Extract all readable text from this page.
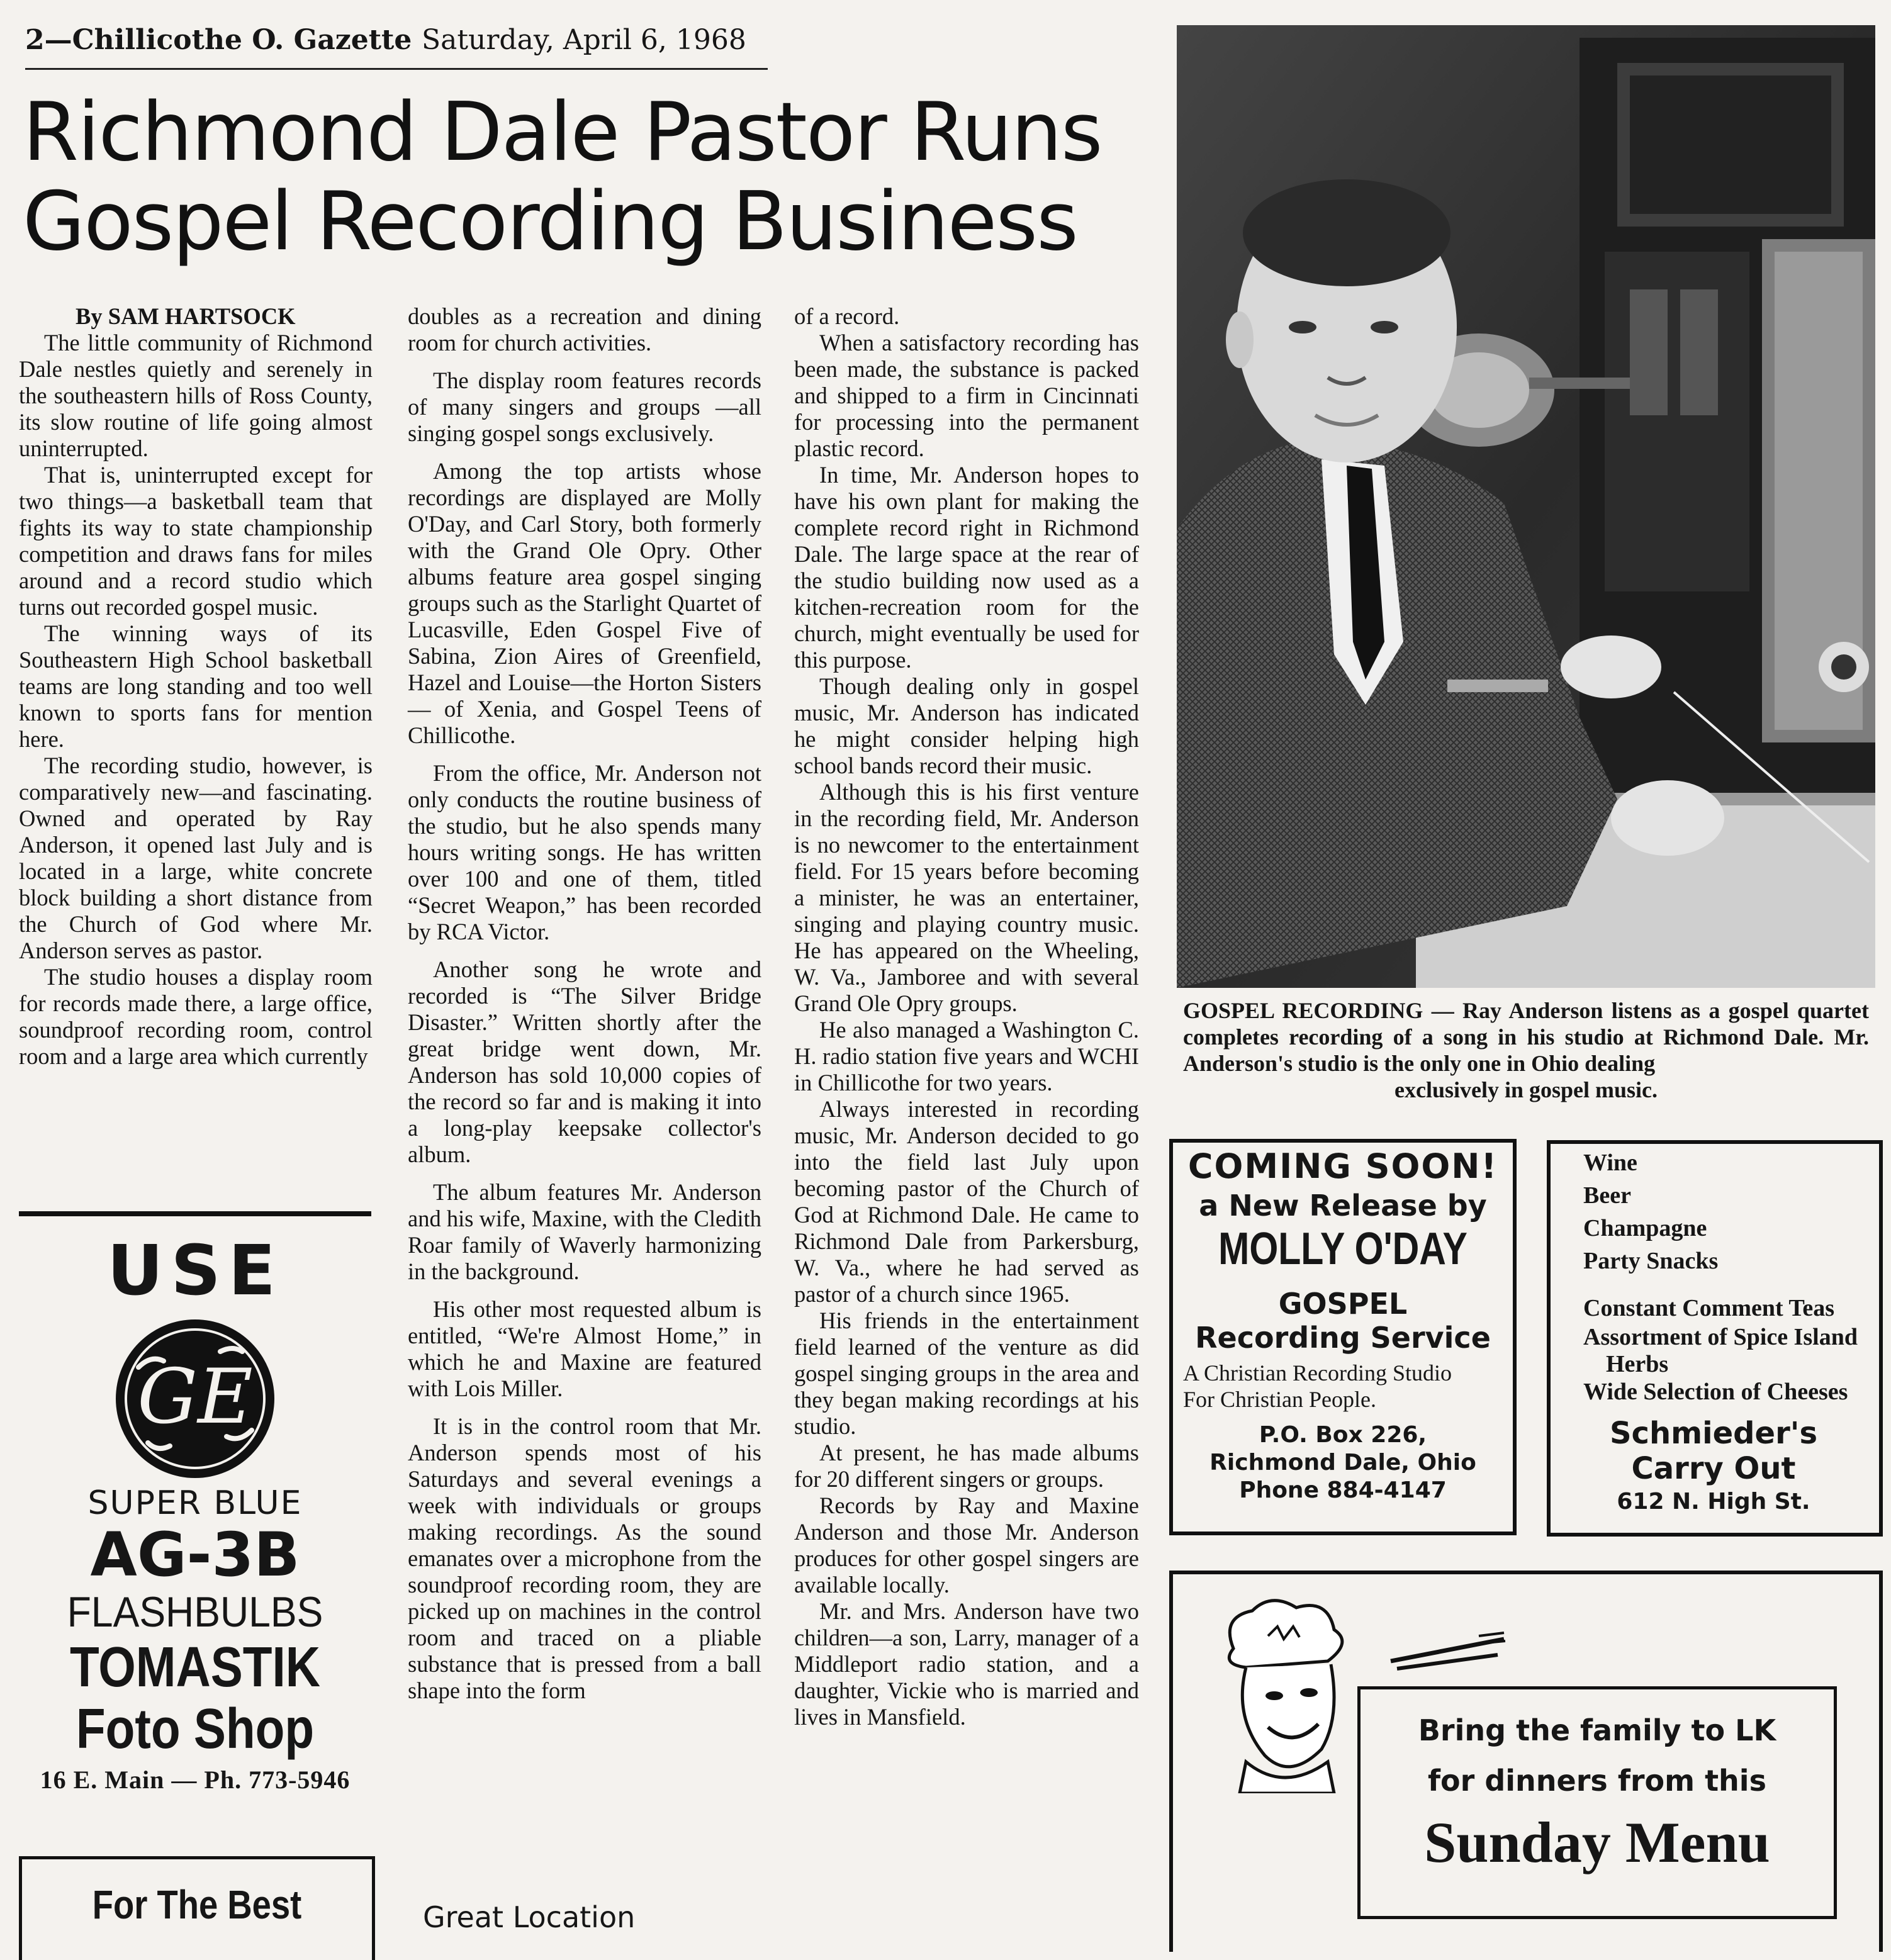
2—Chillicothe O. Gazette Saturday, April 6, 1968
Richmond Dale Pastor Runs
Gospel Recording Business

By SAM HARTSOCK

The little community of Richmond Dale nestles quietly and serenely in the southeastern hills of Ross County, its slow routine of life going almost uninterrupted.

That is, uninterrupted except for two things—a basketball team that fights its way to state championship competition and draws fans for miles around and a record studio which turns out recorded gospel music.

The winning ways of its Southeastern High School basketball teams are long standing and too well known to sports fans for mention here.

The recording studio, however, is comparatively new—and fascinating. Owned and operated by Ray Anderson, it opened last July and is located in a large, white concrete block building a short distance from the Church of God where Mr. Anderson serves as pastor.

The studio houses a display room for records made there, a large office, soundproof recording room, control room and a large area which currently

doubles as a recreation and dining room for church activities.

The display room features records of many singers and groups —all singing gospel songs exclusively.

Among the top artists whose recordings are displayed are Molly O'Day, and Carl Story, both formerly with the Grand Ole Opry. Other albums feature area gospel singing groups such as the Starlight Quartet of Lucasville, Eden Gospel Five of Sabina, Zion Aires of Greenfield, Hazel and Louise—the Horton Sisters — of Xenia, and Gospel Teens of Chillicothe.

From the office, Mr. Anderson not only conducts the routine business of the studio, but he also spends many hours writing songs. He has written over 100 and one of them, titled “Secret Weapon,” has been recorded by RCA Victor.

Another song he wrote and recorded is “The Silver Bridge Disaster.” Written shortly after the great bridge went down, Mr. Anderson has sold 10,000 copies of the record so far and is making it into a long-play keepsake collector's album.

The album features Mr. Anderson and his wife, Maxine, with the Cledith Roar family of Waverly harmonizing in the background.

His other most requested album is entitled, “We're Almost Home,” in which he and Maxine are featured with Lois Miller.

It is in the control room that Mr. Anderson spends most of his Saturdays and several evenings a week with individuals or groups making recordings. As the sound emanates over a microphone from the soundproof recording room, they are picked up on machines in the control room and traced on a pliable substance that is pressed from a ball shape into the form

Great Location

of a record.

When a satisfactory recording has been made, the substance is packed and shipped to a firm in Cincinnati for processing into the permanent plastic record.

In time, Mr. Anderson hopes to have his own plant for making the complete record right in Richmond Dale. The large space at the rear of the studio building now used as a kitchen-recreation room for the church, might eventually be used for this purpose.

Though dealing only in gospel music, Mr. Anderson has indicated he might consider helping high school bands record their music.

Although this is his first venture in the recording field, Mr. Anderson is no newcomer to the entertainment field. For 15 years before becoming a minister, he was an entertainer, singing and playing country music. He has appeared on the Wheeling, W. Va., Jamboree and with several Grand Ole Opry groups.

He also managed a Washington C. H. radio station five years and WCHI in Chillicothe for two years.

Always interested in recording music, Mr. Anderson decided to go into the field last July upon becoming pastor of the Church of God at Richmond Dale. He came to Richmond Dale from Parkersburg, W. Va., where he had served as pastor of a church since 1965.

His friends in the entertainment field learned of the venture as did gospel singing groups in the area and they began making recordings at his studio.

At present, he has made albums for 20 different singers or groups.

Records by Ray and Maxine Anderson and those Mr. Anderson produces for other gospel singers are available locally.

Mr. and Mrs. Anderson have two children—a son, Larry, manager of a Middleport radio station, and a daughter, Vickie who is married and lives in Mansfield.

GOSPEL RECORDING — Ray Anderson listens as a gospel quartet completes recording of a song in his studio at Richmond Dale. Mr. Anderson's studio is the only one in Ohio dealing
exclusively in gospel music.
USE
GE
SUPER BLUE
AG-3B
FLASHBULBS
TOMASTIK
Foto Shop
16 E. Main — Ph. 773-5946
For The Best
COMING SOON!
a New Release by
MOLLY O'DAY
GOSPEL
Recording Service
A Christian Recording Studio
For Christian People.
P.O. Box 226,
Richmond Dale, Ohio
Phone 884-4147
Wine
Beer
Champagne
Party Snacks
Constant Comment Teas
Assortment of Spice Island
Herbs
Wide Selection of Cheeses
Schmieder's
Carry Out
612 N. High St.
Bring the family to LK
for dinners from this
Sunday Menu
